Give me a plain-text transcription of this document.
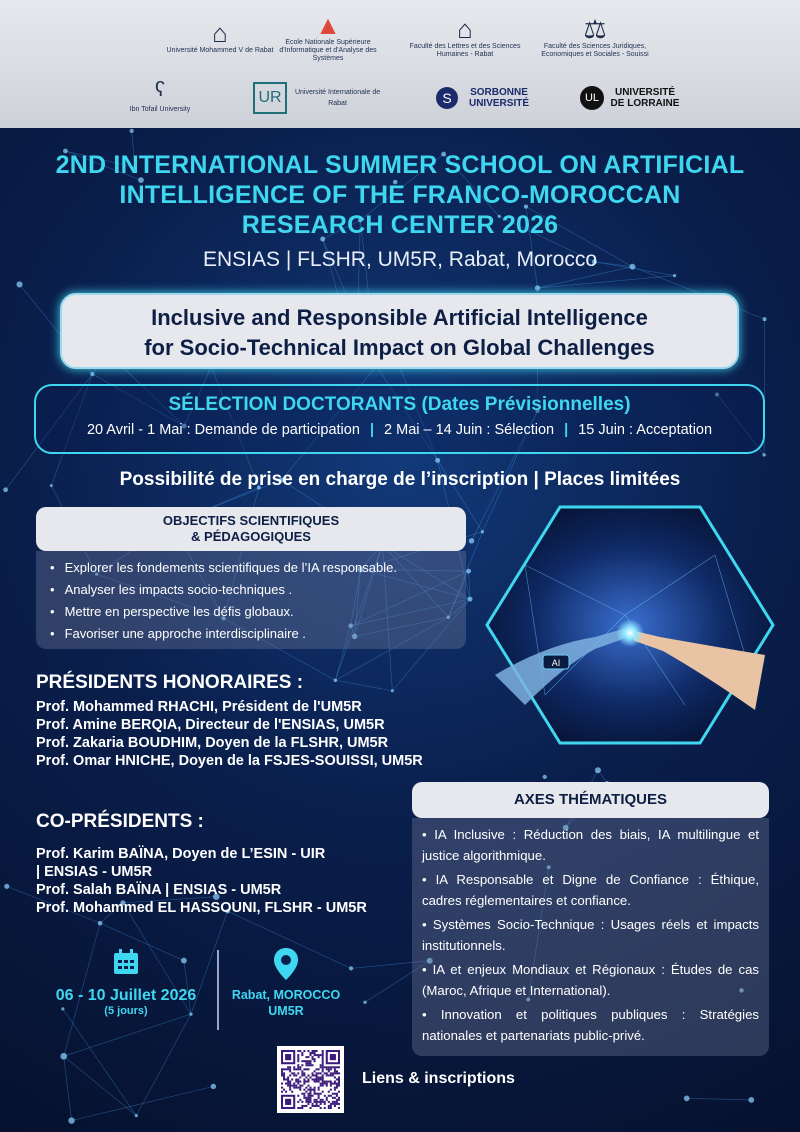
⌂
Université Mohammed V de Rabat
▲
Ecole Nationale Supérieure d'Informatique et d'Analyse des Systèmes
⌂
Faculté des Lettres et des Sciences Humaines - Rabat
⚖
Faculté des Sciences Juridiques, Economiques et Sociales - Souissi
ʕ
Ibn Tofail University
UR	Université Internationale de Rabat	S	SORBONNE UNIVERSITÉ	UL	UNIVERSITÉ DE LORRAINE
2ND INTERNATIONAL SUMMER SCHOOL ON ARTIFICIAL
INTELLIGENCE OF THE FRANCO-MOROCCAN
RESEARCH CENTER 2026
ENSIAS | FLSHR, UM5R, Rabat, Morocco
Inclusive and Responsible Artificial Intelligence
for Socio-Technical Impact on Global Challenges
SÉLECTION DOCTORANTS (Dates Prévisionnelles)
20 Avril - 1 Mai : Demande de participation | 2 Mai – 14 Juin : Sélection | 15 Juin : Acceptation
Possibilité de prise en charge de l’inscription | Places limitées
OBJECTIFS SCIENTIFIQUES
& PÉDAGOGIQUES
• Explorer les fondements scientifiques de l’IA responsable.
• Analyser les impacts socio-techniques .
• Mettre en perspective les défis globaux.
• Favoriser une approche interdisciplinaire .
AI
PRÉSIDENTS HONORAIRES :
Prof. Mohammed RHACHI, Président de l'UM5R
Prof. Amine BERQIA, Directeur de l'ENSIAS, UM5R
Prof. Zakaria BOUDHIM, Doyen de la FLSHR, UM5R
Prof. Omar HNICHE, Doyen de la FSJES-SOUISSI, UM5R
CO-PRÉSIDENTS :
Prof. Karim BAÏNA, Doyen de L’ESIN - UIR
| ENSIAS - UM5R
Prof. Salah BAÏNA | ENSIAS - UM5R
Prof. Mohammed EL HASSOUNI, FLSHR - UM5R
AXES THÉMATIQUES

• IA Inclusive : Réduction des biais, IA multilingue et justice algorithmique.

• IA Responsable et Digne de Confiance : Éthique, cadres réglementaires et confiance.

• Systèmes Socio-Technique : Usages réels et impacts institutionnels.

• IA et enjeux Mondiaux et Régionaux : Études de cas (Maroc, Afrique et International).

• Innovation et politiques publiques : Stratégies nationales et partenariats public-privé.

06 - 10 Juillet 2026
(5 jours)
Rabat, MOROCCO
UM5R
Liens & inscriptions
